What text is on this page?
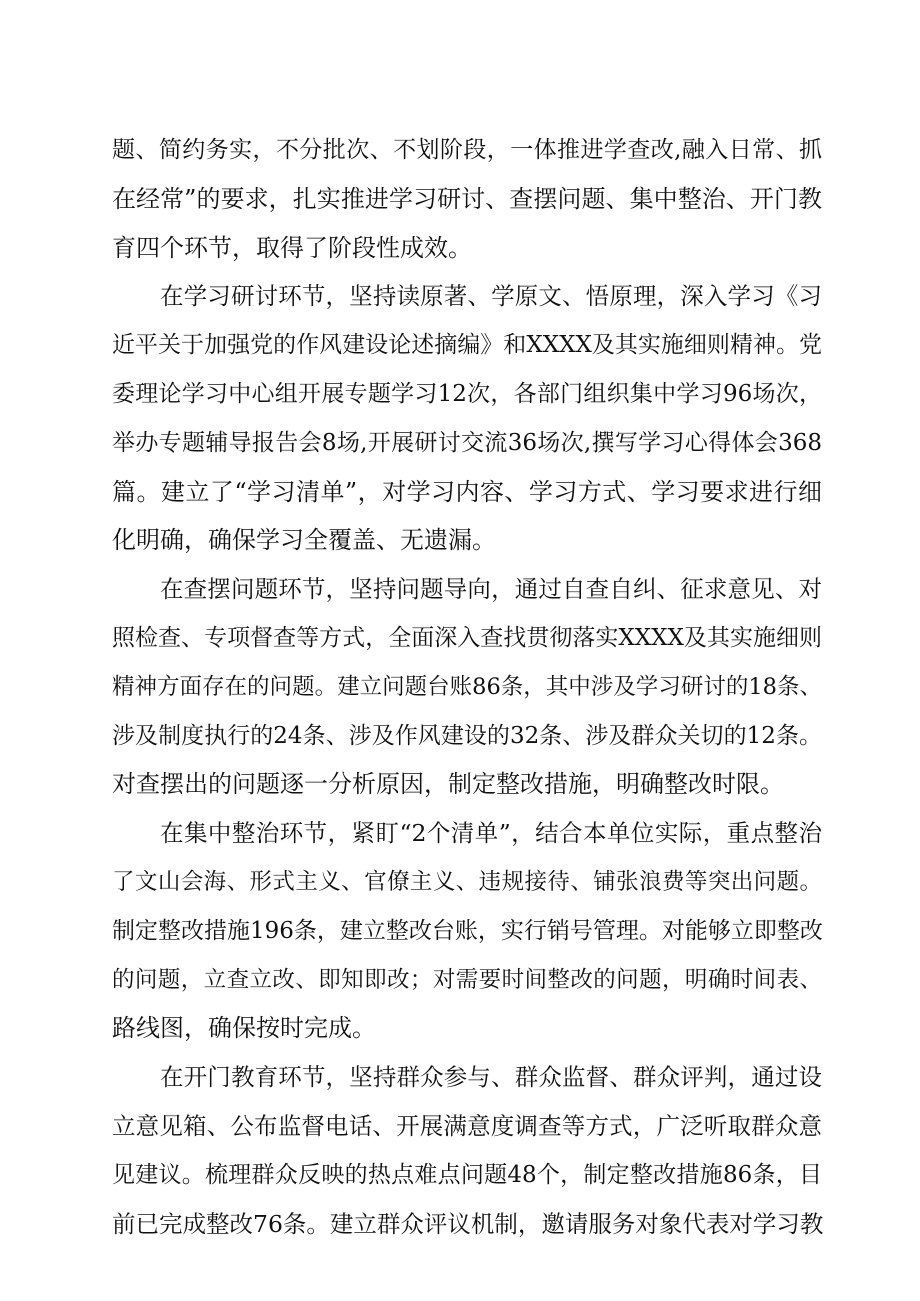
题、简约务实，不分批次、不划阶段，一体推进学查改,融入日常、抓
在经常”的要求，扎实推进学习研讨、查摆问题、集中整治、开门教
育四个环节，取得了阶段性成效。
在学习研讨环节，坚持读原著、学原文、悟原理，深入学习《习
近平关于加强党的作风建设论述摘编》和XXXX及其实施细则精神。党
委理论学习中心组开展专题学习12次，各部门组织集中学习96场次，
举办专题辅导报告会8场,开展研讨交流36场次,撰写学习心得体会368
篇。建立了“学习清单”，对学习内容、学习方式、学习要求进行细
化明确，确保学习全覆盖、无遗漏。
在查摆问题环节，坚持问题导向，通过自查自纠、征求意见、对
照检查、专项督查等方式，全面深入查找贯彻落实XXXX及其实施细则
精神方面存在的问题。建立问题台账86条，其中涉及学习研讨的18条、
涉及制度执行的24条、涉及作风建设的32条、涉及群众关切的12条。
对查摆出的问题逐一分析原因，制定整改措施，明确整改时限。
在集中整治环节，紧盯“2个清单”，结合本单位实际，重点整治
了文山会海、形式主义、官僚主义、违规接待、铺张浪费等突出问题。
制定整改措施196条，建立整改台账，实行销号管理。对能够立即整改
的问题，立查立改、即知即改；对需要时间整改的问题，明确时间表、
路线图，确保按时完成。
在开门教育环节，坚持群众参与、群众监督、群众评判，通过设
立意见箱、公布监督电话、开展满意度调查等方式，广泛听取群众意
见建议。梳理群众反映的热点难点问题48个，制定整改措施86条，目
前已完成整改76条。建立群众评议机制，邀请服务对象代表对学习教
